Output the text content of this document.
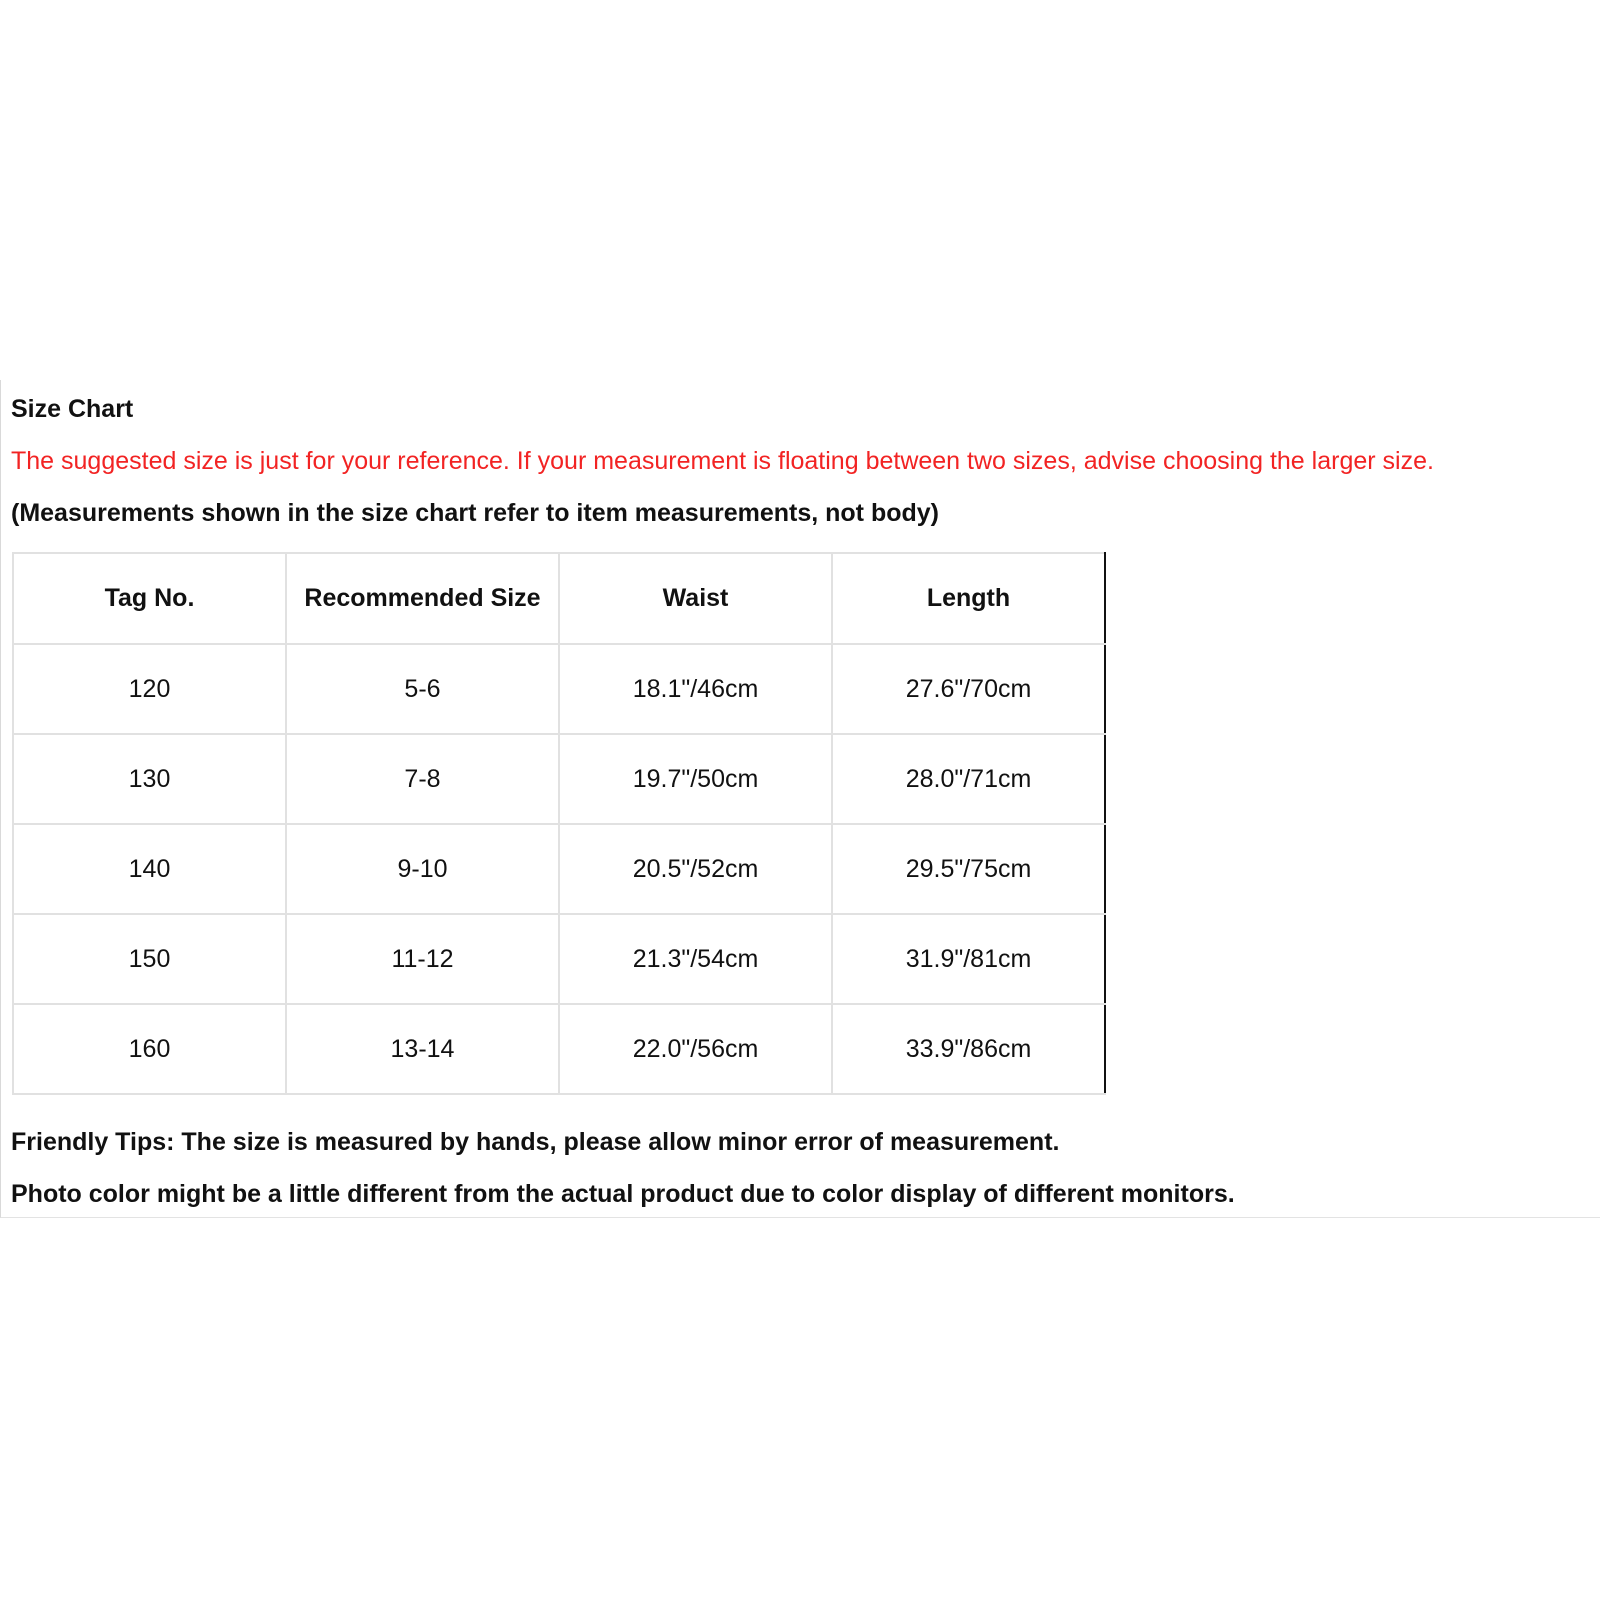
Size Chart
The suggested size is just for your reference. If your measurement is floating between two sizes, advise choosing the larger size.
(Measurements shown in the size chart refer to item measurements, not body)
Tag No.	Recommended Size	Waist	Length
120	5-6	18.1"/46cm	27.6"/70cm
130	7-8	19.7"/50cm	28.0"/71cm
140	9-10	20.5"/52cm	29.5"/75cm
150	11-12	21.3"/54cm	31.9"/81cm
160	13-14	22.0"/56cm	33.9"/86cm
Friendly Tips: The size is measured by hands, please allow minor error of measurement.
Photo color might be a little different from the actual product due to color display of different monitors.
